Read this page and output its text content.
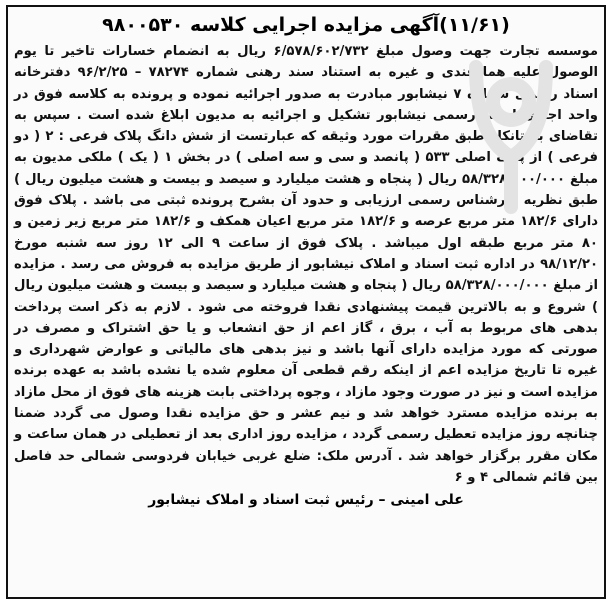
(۱۱/۶۱)آگهی مزایده اجرایی کلاسه ۹۸۰۰۵۳۰
موسسه تجارت جهت وصول مبلغ ۶/۵۷۸/۶۰۲/۷۳۲ ریال به انضمام خسارات تاخیر تا یوم الوصول علیه هما قندی و غیره به استناد سند رهنی شماره ۷۸۲۷۴ – ۹۶/۲/۲۵ دفترخانه اسناد رسمی شماره ۷ نیشابور مبادرت به صدور اجرائیه نموده و پرونده به کلاسه فوق در واحد اجرای اسناد رسمی نیشابور تشکیل و اجرائیه به مدیون ابلاغ شده است . سپس به تقاضای بستانکار طبق مقررات مورد وثیقه که عبارتست از شش دانگ پلاک فرعی : ۲ ( دو فرعی ) از پلاک اصلی ۵۳۳ ( پانصد و سی و سه اصلی ) در بخش ۱ ( یک ) ملکی مدیون به مبلغ ۵۸/۳۲۸/۰۰۰/۰۰۰ ریال ( پنجاه و هشت میلیارد و سیصد و بیست و هشت میلیون ریال ) طبق نظریه کارشناس رسمی ارزیابی و حدود آن بشرح پرونده ثبتی می باشد . پلاک فوق دارای ۱۸۲/۶ متر مربع عرصه و ۱۸۲/۶ متر مربع اعیان همکف و ۱۸۲/۶ متر مربع زیر زمین و ۸۰ متر مربع طبقه اول میباشد . پلاک فوق از ساعت ۹ الی ۱۲ روز سه شنبه مورخ ۹۸/۱۲/۲۰ در اداره ثبت اسناد و املاک نیشابور از طریق مزایده به فروش می رسد . مزایده از مبلغ ۵۸/۳۲۸/۰۰۰/۰۰۰ ریال ( پنجاه و هشت میلیارد و سیصد و بیست و هشت میلیون ریال ) شروع و به بالاترین قیمت پیشنهادی نقدا فروخته می شود . لازم به ذکر است پرداخت بدهی های مربوط به آب ، برق ، گاز اعم از حق انشعاب و یا حق اشتراک و مصرف در صورتی که مورد مزایده دارای آنها باشد و نیز بدهی های مالیاتی و عوارض شهرداری و غیره تا تاریخ مزایده اعم از اینکه رقم قطعی آن معلوم شده یا نشده باشد به عهده برنده مزایده است و نیز در صورت وجود مازاد ، وجوه پرداختی بابت هزینه های فوق از محل مازاد به برنده مزایده مسترد خواهد شد و نیم عشر و حق مزایده نقدا وصول می گردد ضمنا چنانچه روز مزایده تعطیل رسمی گردد ، مزایده روز اداری بعد از تعطیلی در همان ساعت و مکان مقرر برگزار خواهد شد . آدرس ملک: ضلع غربی خیابان فردوسی شمالی حد فاصل بین قائم شمالی ۴ و ۶
علی امینی – رئیس ثبت اسناد و املاک نیشابور
